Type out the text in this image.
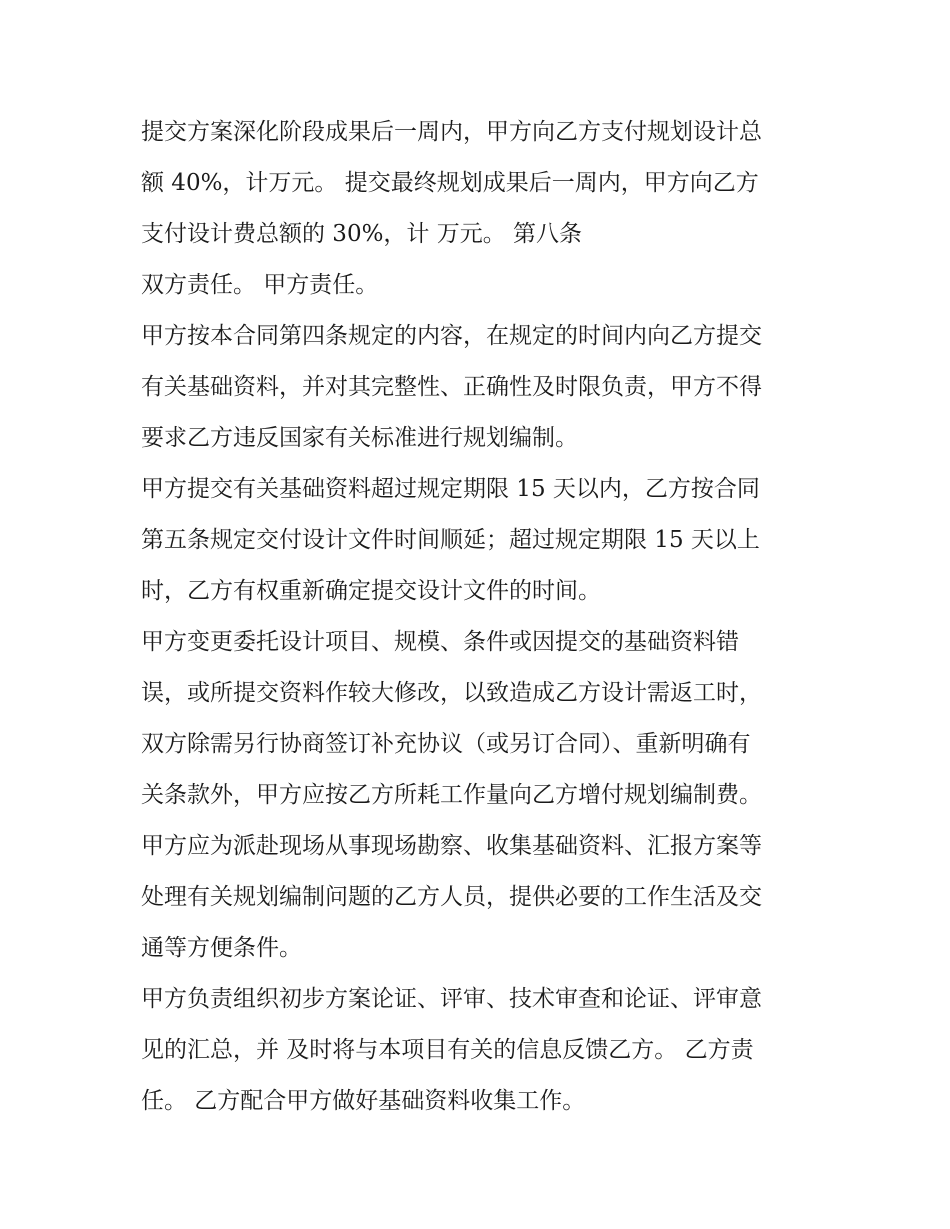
提交方案深化阶段成果后一周内，甲方向乙方支付规划设计总
额 40%，计万元。 提交最终规划成果后一周内，甲方向乙方
支付设计费总额的 30%，计 万元。 第八条
双方责任。 甲方责任。
甲方按本合同第四条规定的内容，在规定的时间内向乙方提交
有关基础资料，并对其完整性、正确性及时限负责，甲方不得
要求乙方违反国家有关标准进行规划编制。
甲方提交有关基础资料超过规定期限 15 天以内，乙方按合同
第五条规定交付设计文件时间顺延；超过规定期限 15 天以上
时，乙方有权重新确定提交设计文件的时间。
甲方变更委托设计项目、规模、条件或因提交的基础资料错
误，或所提交资料作较大修改，以致造成乙方设计需返工时，
双方除需另行协商签订补充协议（或另订合同）、重新明确有
关条款外，甲方应按乙方所耗工作量向乙方增付规划编制费。
甲方应为派赴现场从事现场勘察、收集基础资料、汇报方案等
处理有关规划编制问题的乙方人员，提供必要的工作生活及交
通等方便条件。
甲方负责组织初步方案论证、评审、技术审查和论证、评审意
见的汇总，并 及时将与本项目有关的信息反馈乙方。 乙方责
任。 乙方配合甲方做好基础资料收集工作。
